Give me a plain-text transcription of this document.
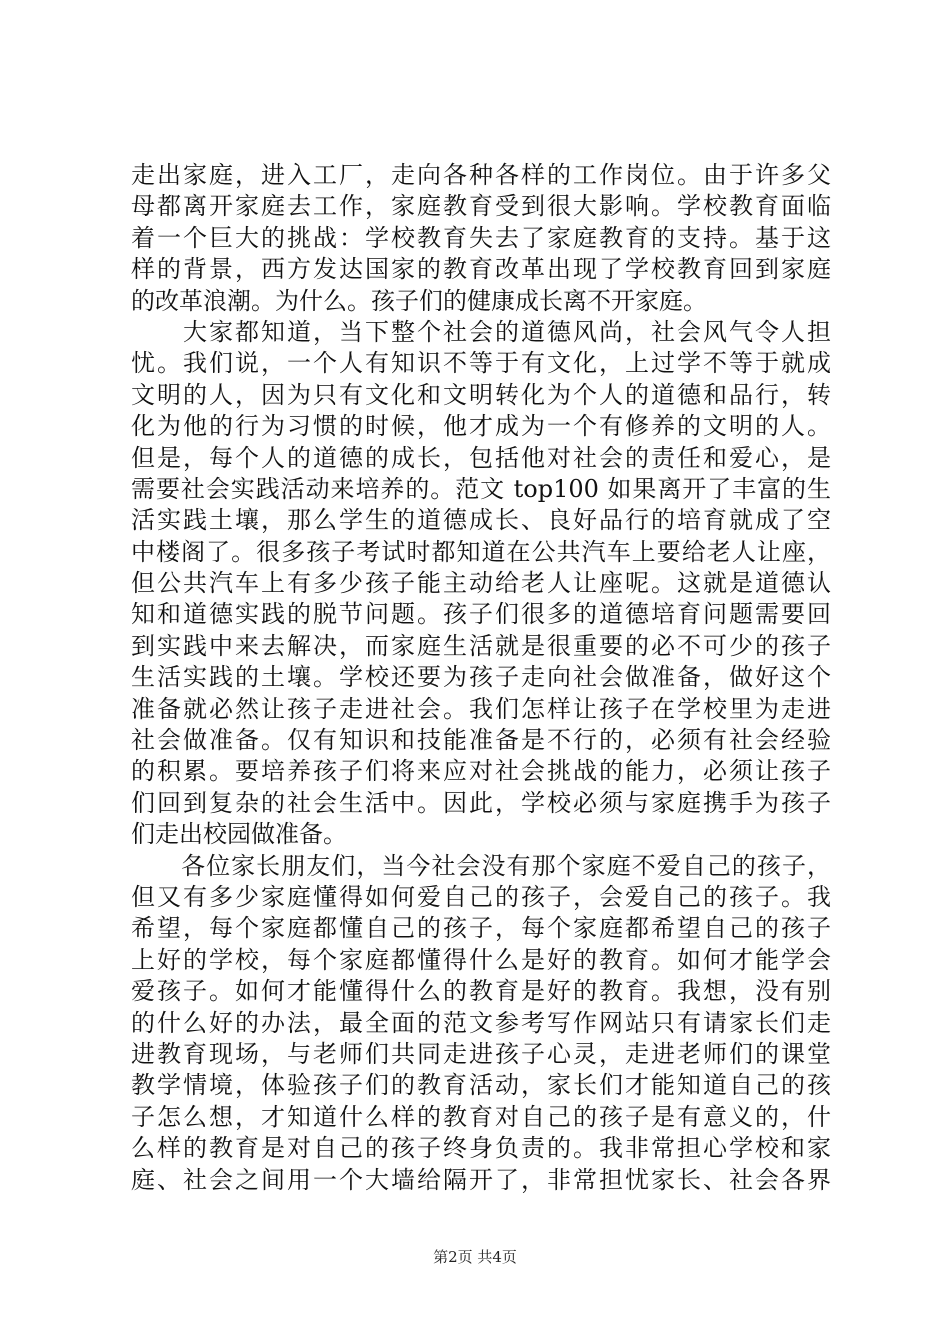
走出家庭，进入工厂，走向各种各样的工作岗位。由于许多父
母都离开家庭去工作，家庭教育受到很大影响。学校教育面临
着一个巨大的挑战：学校教育失去了家庭教育的支持。基于这
样的背景，西方发达国家的教育改革出现了学校教育回到家庭
的改革浪潮。为什么。孩子们的健康成长离不开家庭。
　　大家都知道，当下整个社会的道德风尚，社会风气令人担
忧。我们说，一个人有知识不等于有文化，上过学不等于就成
文明的人，因为只有文化和文明转化为个人的道德和品行，转
化为他的行为习惯的时候，他才成为一个有修养的文明的人。
但是，每个人的道德的成长，包括他对社会的责任和爱心，是
需要社会实践活动来培养的。范文 top100 如果离开了丰富的生
活实践土壤，那么学生的道德成长、良好品行的培育就成了空
中楼阁了。很多孩子考试时都知道在公共汽车上要给老人让座，
但公共汽车上有多少孩子能主动给老人让座呢。这就是道德认
知和道德实践的脱节问题。孩子们很多的道德培育问题需要回
到实践中来去解决，而家庭生活就是很重要的必不可少的孩子
生活实践的土壤。学校还要为孩子走向社会做准备，做好这个
准备就必然让孩子走进社会。我们怎样让孩子在学校里为走进
社会做准备。仅有知识和技能准备是不行的，必须有社会经验
的积累。要培养孩子们将来应对社会挑战的能力，必须让孩子
们回到复杂的社会生活中。因此，学校必须与家庭携手为孩子
们走出校园做准备。
　　各位家长朋友们，当今社会没有那个家庭不爱自己的孩子，
但又有多少家庭懂得如何爱自己的孩子，会爱自己的孩子。我
希望，每个家庭都懂自己的孩子，每个家庭都希望自己的孩子
上好的学校，每个家庭都懂得什么是好的教育。如何才能学会
爱孩子。如何才能懂得什么的教育是好的教育。我想，没有别
的什么好的办法，最全面的范文参考写作网站只有请家长们走
进教育现场，与老师们共同走进孩子心灵，走进老师们的课堂
教学情境，体验孩子们的教育活动，家长们才能知道自己的孩
子怎么想，才知道什么样的教育对自己的孩子是有意义的，什
么样的教育是对自己的孩子终身负责的。我非常担心学校和家
庭、社会之间用一个大墙给隔开了，非常担忧家长、社会各界
第2页 共4页
